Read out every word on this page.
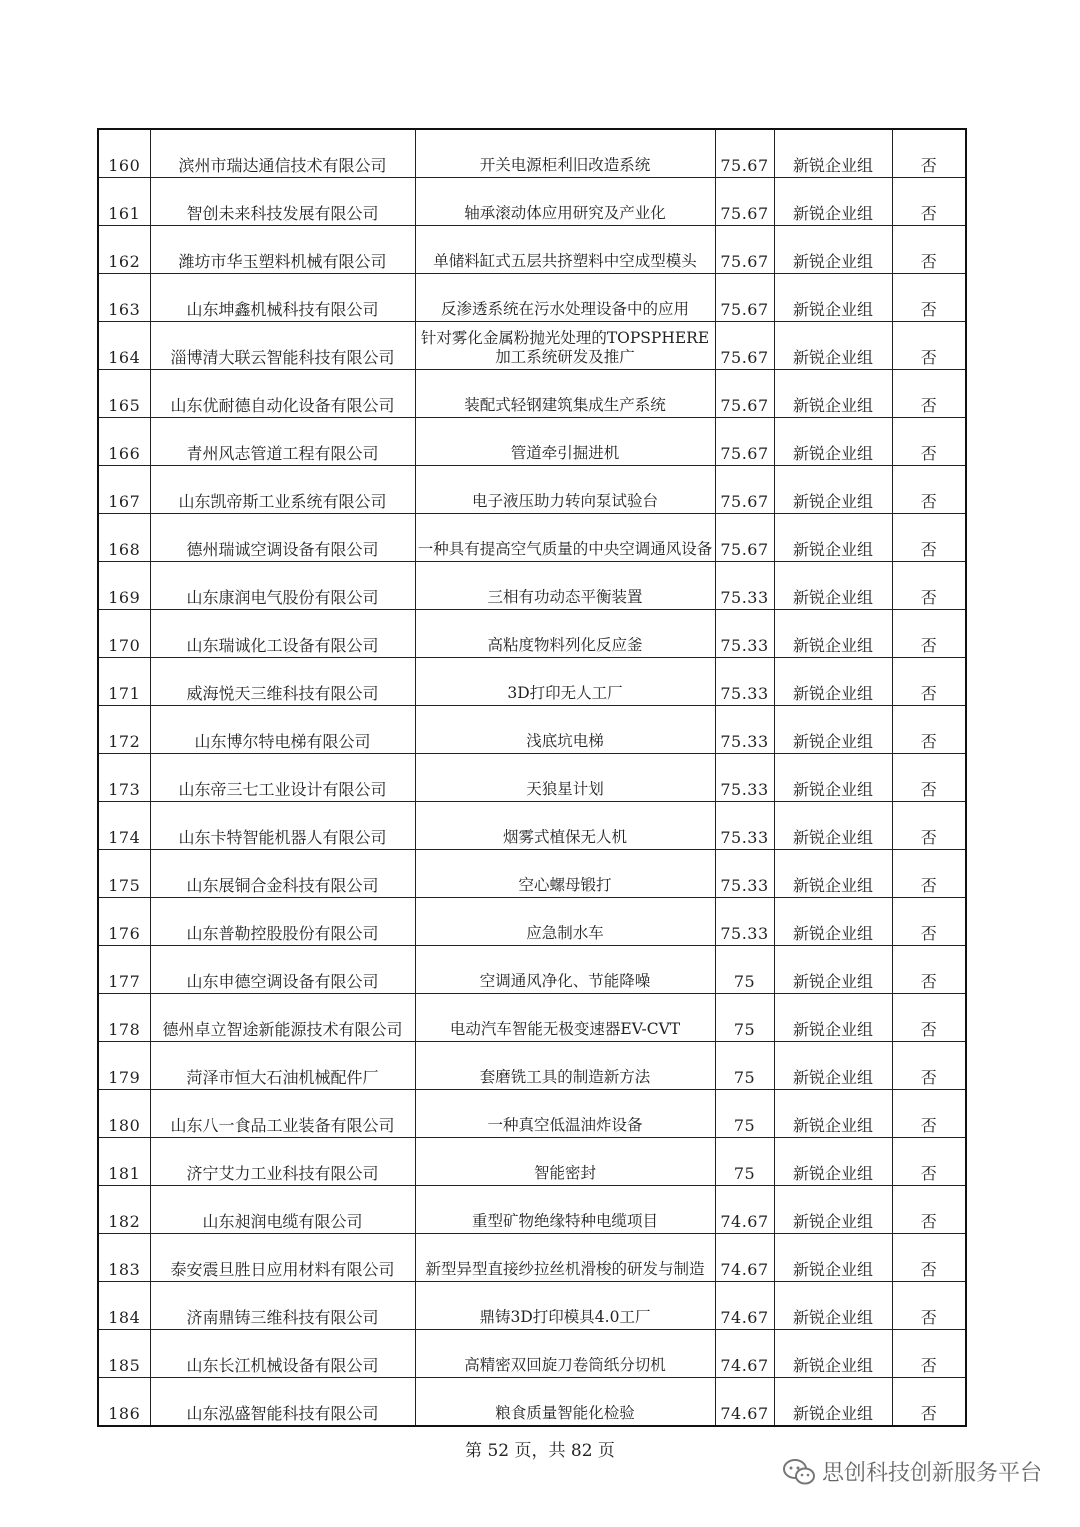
160	滨州市瑞达通信技术有限公司	开关电源柜利旧改造系统	75.67	新锐企业组	否
161	智创未来科技发展有限公司	轴承滚动体应用研究及产业化	75.67	新锐企业组	否
162	潍坊市华玉塑料机械有限公司	单储料缸式五层共挤塑料中空成型模头	75.67	新锐企业组	否
163	山东坤鑫机械科技有限公司	反渗透系统在污水处理设备中的应用	75.67	新锐企业组	否
164	淄博清大联云智能科技有限公司	针对雾化金属粉抛光处理的TOPSPHERE加工系统研发及推广	75.67	新锐企业组	否
165	山东优耐德自动化设备有限公司	装配式轻钢建筑集成生产系统	75.67	新锐企业组	否
166	青州风志管道工程有限公司	管道牵引掘进机	75.67	新锐企业组	否
167	山东凯帝斯工业系统有限公司	电子液压助力转向泵试验台	75.67	新锐企业组	否
168	德州瑞诚空调设备有限公司	一种具有提高空气质量的中央空调通风设备	75.67	新锐企业组	否
169	山东康润电气股份有限公司	三相有功动态平衡装置	75.33	新锐企业组	否
170	山东瑞诚化工设备有限公司	高粘度物料列化反应釜	75.33	新锐企业组	否
171	威海悦天三维科技有限公司	3D打印无人工厂	75.33	新锐企业组	否
172	山东博尔特电梯有限公司	浅底坑电梯	75.33	新锐企业组	否
173	山东帝三七工业设计有限公司	天狼星计划	75.33	新锐企业组	否
174	山东卡特智能机器人有限公司	烟雾式植保无人机	75.33	新锐企业组	否
175	山东展铜合金科技有限公司	空心螺母锻打	75.33	新锐企业组	否
176	山东普勒控股股份有限公司	应急制水车	75.33	新锐企业组	否
177	山东申德空调设备有限公司	空调通风净化、节能降噪	75	新锐企业组	否
178	德州卓立智途新能源技术有限公司	电动汽车智能无极变速器EV-CVT	75	新锐企业组	否
179	菏泽市恒大石油机械配件厂	套磨铣工具的制造新方法	75	新锐企业组	否
180	山东八一食品工业装备有限公司	一种真空低温油炸设备	75	新锐企业组	否
181	济宁艾力工业科技有限公司	智能密封	75	新锐企业组	否
182	山东昶润电缆有限公司	重型矿物绝缘特种电缆项目	74.67	新锐企业组	否
183	泰安震旦胜日应用材料有限公司	新型异型直接纱拉丝机滑梭的研发与制造	74.67	新锐企业组	否
184	济南鼎铸三维科技有限公司	鼎铸3D打印模具4.0工厂	74.67	新锐企业组	否
185	山东长江机械设备有限公司	高精密双回旋刀卷筒纸分切机	74.67	新锐企业组	否
186	山东泓盛智能科技有限公司	粮食质量智能化检验	74.67	新锐企业组	否
第 52 页，共 82 页
思创科技创新服务平台
